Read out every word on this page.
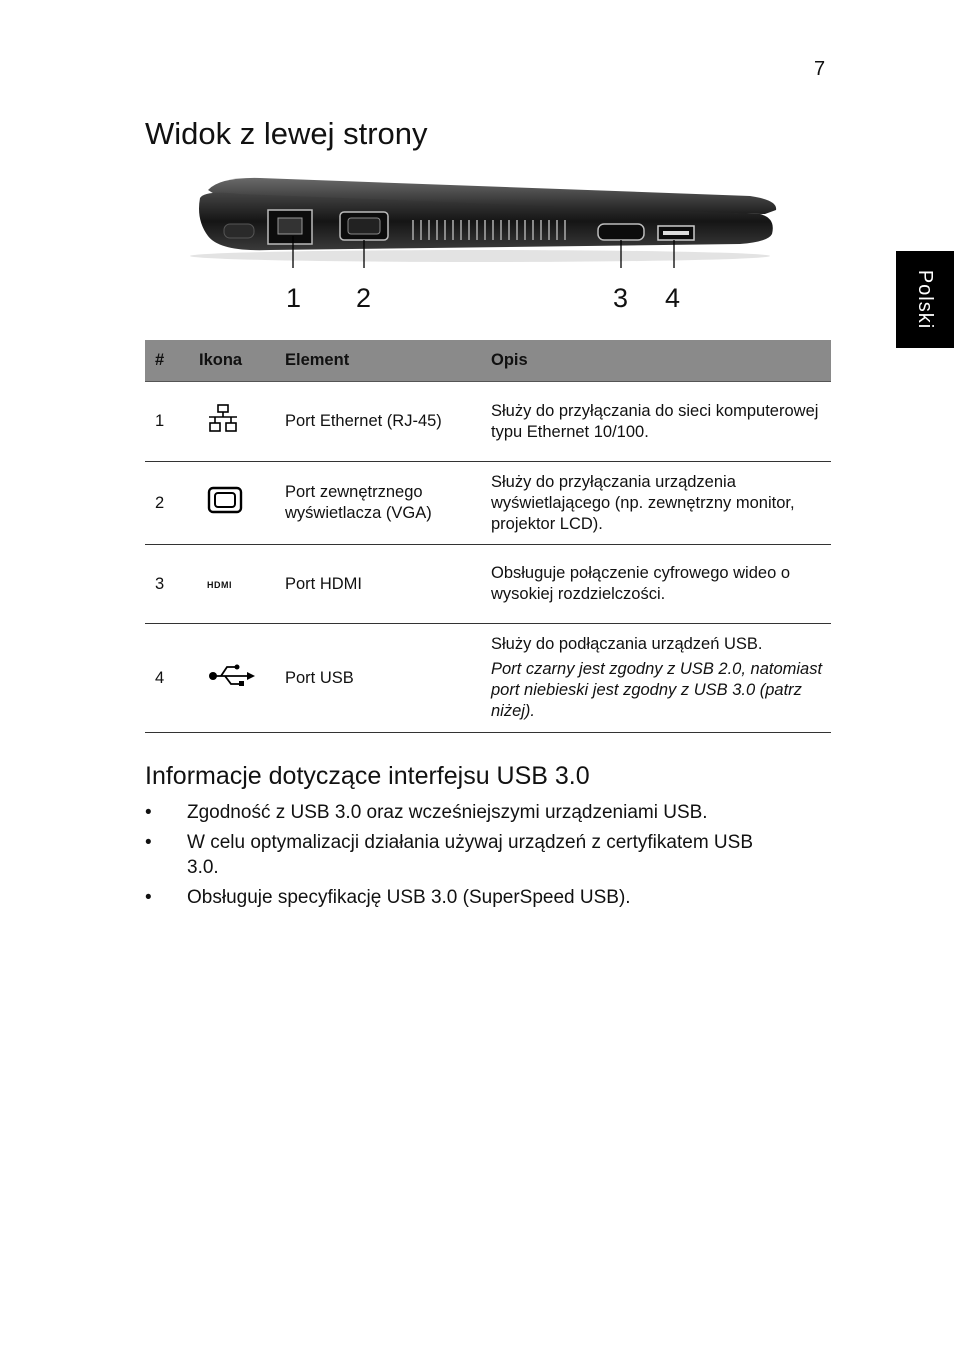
7
Polski
Widok z lewej strony
1 2	3 4
#	Ikona	Element	Opis
1		Port Ethernet (RJ-45)	Służy do przyłączania do sieci komputerowej typu Ethernet 10/100.
2		Port zewnętrznego wyświetlacza (VGA)	Służy do przyłączania urządzenia wyświetlającego (np. zewnętrzny monitor, projektor LCD).
3	HDMI	Port HDMI	Obsługuje połączenie cyfrowego wideo o wysokiej rozdzielczości.
4		Port USB	Służy do podłączania urządzeń USB.
Port czarny jest zgodny z USB 2.0, natomiast port niebieski jest zgodny z USB 3.0 (patrz niżej).
Informacje dotyczące interfejsu USB 3.0
• Zgodność z USB 3.0 oraz wcześniejszymi urządzeniami USB.
• W celu optymalizacji działania używaj urządzeń z certyfikatem USB 3.0.
• Obsługuje specyfikację USB 3.0 (SuperSpeed USB).
